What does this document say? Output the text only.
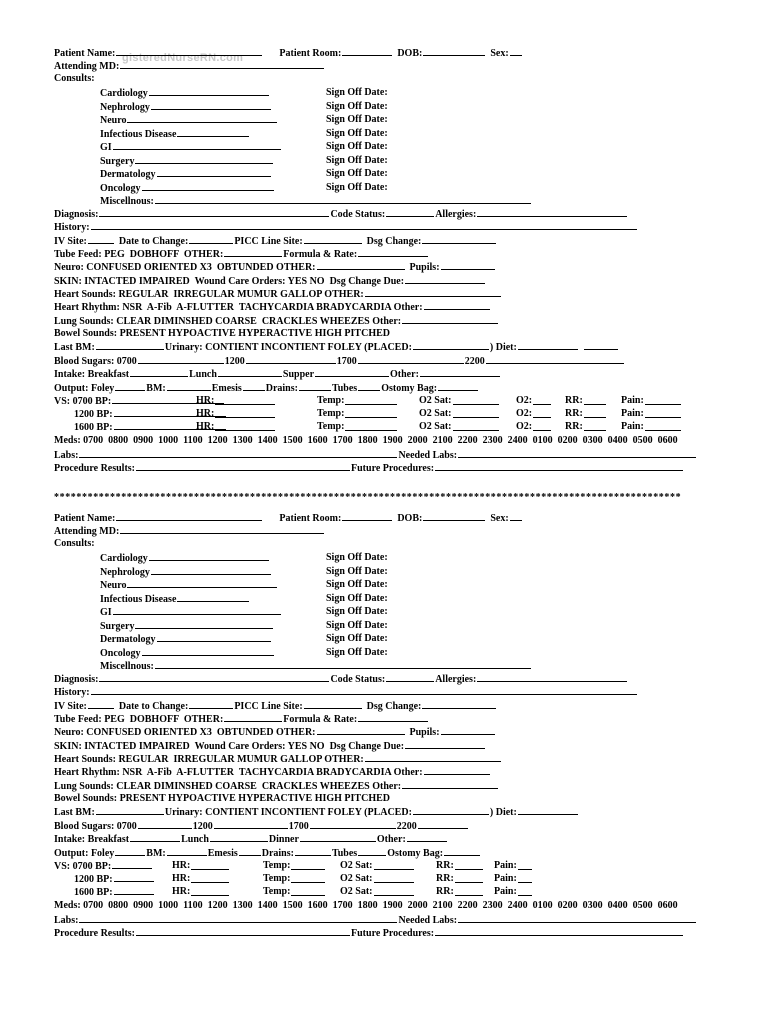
gisteredNurseRN.com
****************************************************************************************************************
Patient Name:	Patient Room:	DOB:	Sex:
Attending MD:
Consults:
Cardiology	Sign Off Date:
Nephrology	Sign Off Date:
Neuro	Sign Off Date:
Infectious Disease	Sign Off Date:
GI	Sign Off Date:
Surgery	Sign Off Date:
Dermatology	Sign Off Date:
Oncology	Sign Off Date:
Miscellnous:
Diagnosis:	Code Status:	Allergies:
History:
IV Site:	Date to Change:	PICC Line Site:	Dsg Change:
Tube Feed: PEG  DOBHOFF  OTHER:	Formula & Rate:
Neuro: CONFUSED ORIENTED X3  OBTUNDED OTHER:	Pupils:
SKIN: INTACTED IMPAIRED  Wound Care Orders: YES NO  Dsg Change Due:
Heart Sounds: REGULAR  IRREGULAR MUMUR GALLOP OTHER:
Heart Rhythm: NSR  A-Fib  A-FLUTTER  TACHYCARDIA BRADYCARDIA Other:
Lung Sounds: CLEAR DIMINSHED COARSE  CRACKLES WHEEZES Other:
Bowel Sounds: PRESENT HYPOACTIVE HYPERACTIVE HIGH PITCHED
Last BM:	Urinary: CONTIENT INCONTIENT FOLEY (PLACED:	) Diet:
Blood Sugars: 0700	1200	1700	2200
Intake: Breakfast	Lunch	Supper	Other:
Output: Foley	BM:	Emesis Drains:	Tubes Ostomy Bag:
VS: 0700 BP:	HR:	Temp:	O2 Sat:	O2:	RR:	Pain:
1200 BP:	HR:	Temp:	O2 Sat:	O2:	RR:	Pain:
1600 BP:	HR:	Temp:	O2 Sat:	O2:	RR:	Pain:
Meds: 0700  0800  0900  1000  1100  1200  1300  1400  1500  1600  1700  1800  1900  2000  2100  2200  2300  2400  0100  0200  0300  0400  0500  0600
Labs:	Needed Labs:
Procedure Results:	Future Procedures:
Patient Name:	Patient Room:	DOB:	Sex:
Attending MD:
Consults:
Cardiology	Sign Off Date:
Nephrology	Sign Off Date:
Neuro	Sign Off Date:
Infectious Disease	Sign Off Date:
GI	Sign Off Date:
Surgery	Sign Off Date:
Dermatology	Sign Off Date:
Oncology	Sign Off Date:
Miscellnous:
Diagnosis:	Code Status:	Allergies:
History:
IV Site:	Date to Change:	PICC Line Site:	Dsg Change:
Tube Feed: PEG  DOBHOFF  OTHER:	Formula & Rate:
Neuro: CONFUSED ORIENTED X3  OBTUNDED OTHER:	Pupils:
SKIN: INTACTED IMPAIRED  Wound Care Orders: YES NO  Dsg Change Due:
Heart Sounds: REGULAR  IRREGULAR MUMUR GALLOP OTHER:
Heart Rhythm: NSR  A-Fib  A-FLUTTER  TACHYCARDIA BRADYCARDIA Other:
Lung Sounds: CLEAR DIMINSHED COARSE  CRACKLES WHEEZES Other:
Bowel Sounds: PRESENT HYPOACTIVE HYPERACTIVE HIGH PITCHED
Last BM:	Urinary: CONTIENT INCONTIENT FOLEY (PLACED:	) Diet:
Blood Sugars: 0700	1200	1700	2200
Intake: Breakfast	Lunch	Dinner	Other:
Output: Foley	BM:	Emesis Drains:	Tubes	Ostomy Bag:
VS: 0700 BP:	HR:	Temp:	O2 Sat:	RR:	Pain:
1200 BP:	HR:	Temp:	O2 Sat:	RR:	Pain:
1600 BP:	HR:	Temp:	O2 Sat:	RR:	Pain:
Meds: 0700  0800  0900  1000  1100  1200  1300  1400  1500  1600  1700  1800  1900  2000  2100  2200  2300  2400  0100  0200  0300  0400  0500  0600
Labs:	Needed Labs:
Procedure Results:	Future Procedures:
